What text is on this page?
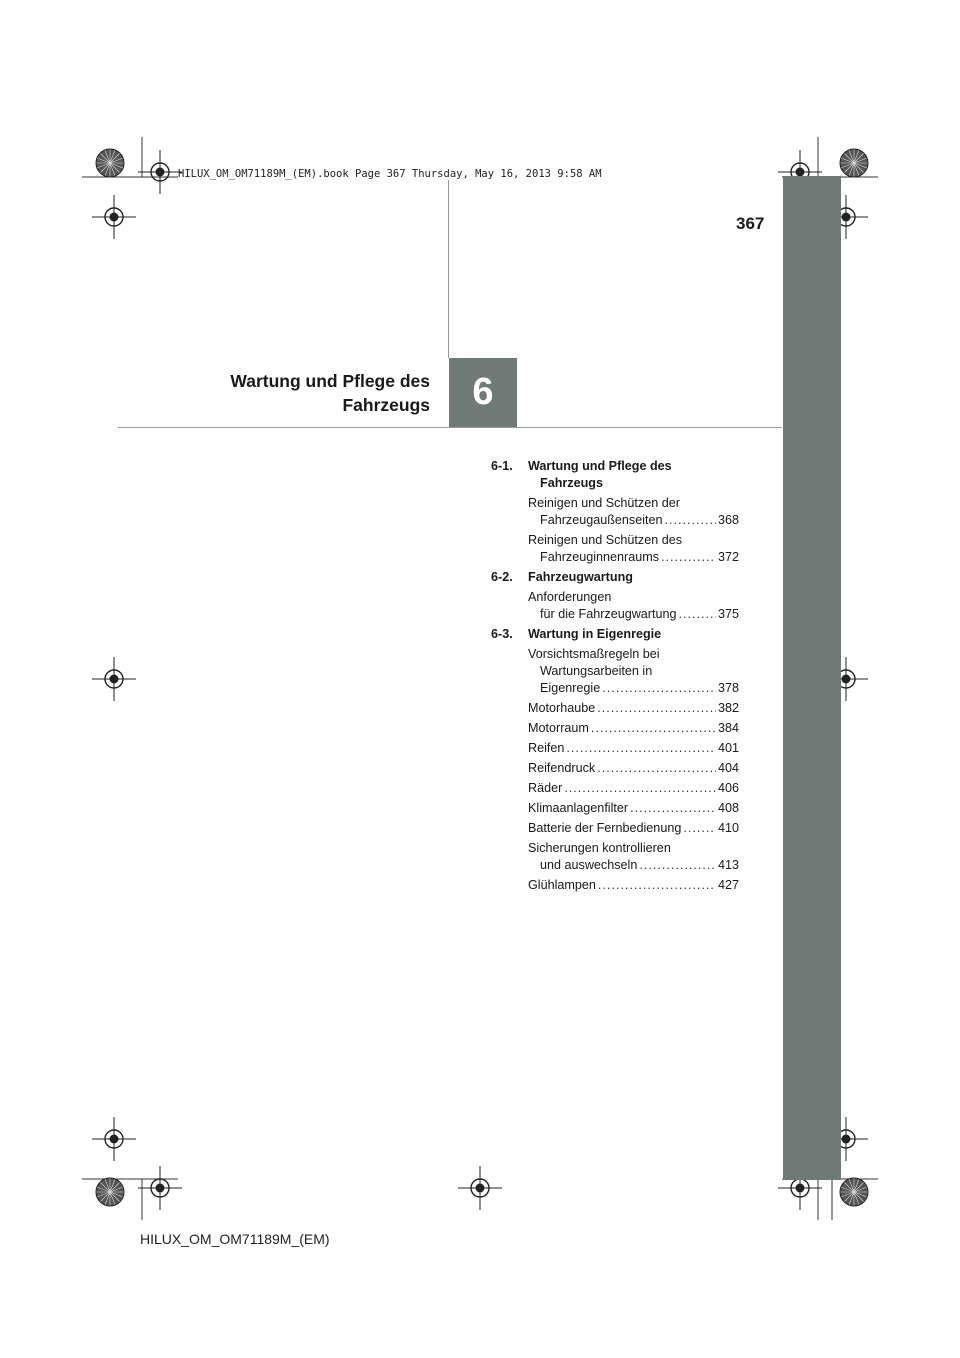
HILUX_OM_OM71189M_(EM).book Page 367 Thursday, May 16, 2013 9:58 AM
367
6
Wartung und Pflege des
Fahrzeugs
6-1.	Wartung und Pflege des
Fahrzeugs
Reinigen und Schützen der
Fahrzeugaußenseiten .....	368
Reinigen und Schützen des
Fahrzeuginnenraums .....	372
6-2.	Fahrzeugwartung
Anforderungen
für die Fahrzeugwartung .....	375
6-3.	Wartung in Eigenregie
Vorsichtsmaßregeln bei
Wartungsarbeiten in
Eigenregie .....	378
Motorhaube .....	382
Motorraum .....	384
Reifen .....	401
Reifendruck .....	404
Räder .....	406
Klimaanlagenfilter .....	408
Batterie der Fernbedienung .....	410
Sicherungen kontrollieren
und auswechseln .....	413
Glühlampen .....	427
HILUX_OM_OM71189M_(EM)
